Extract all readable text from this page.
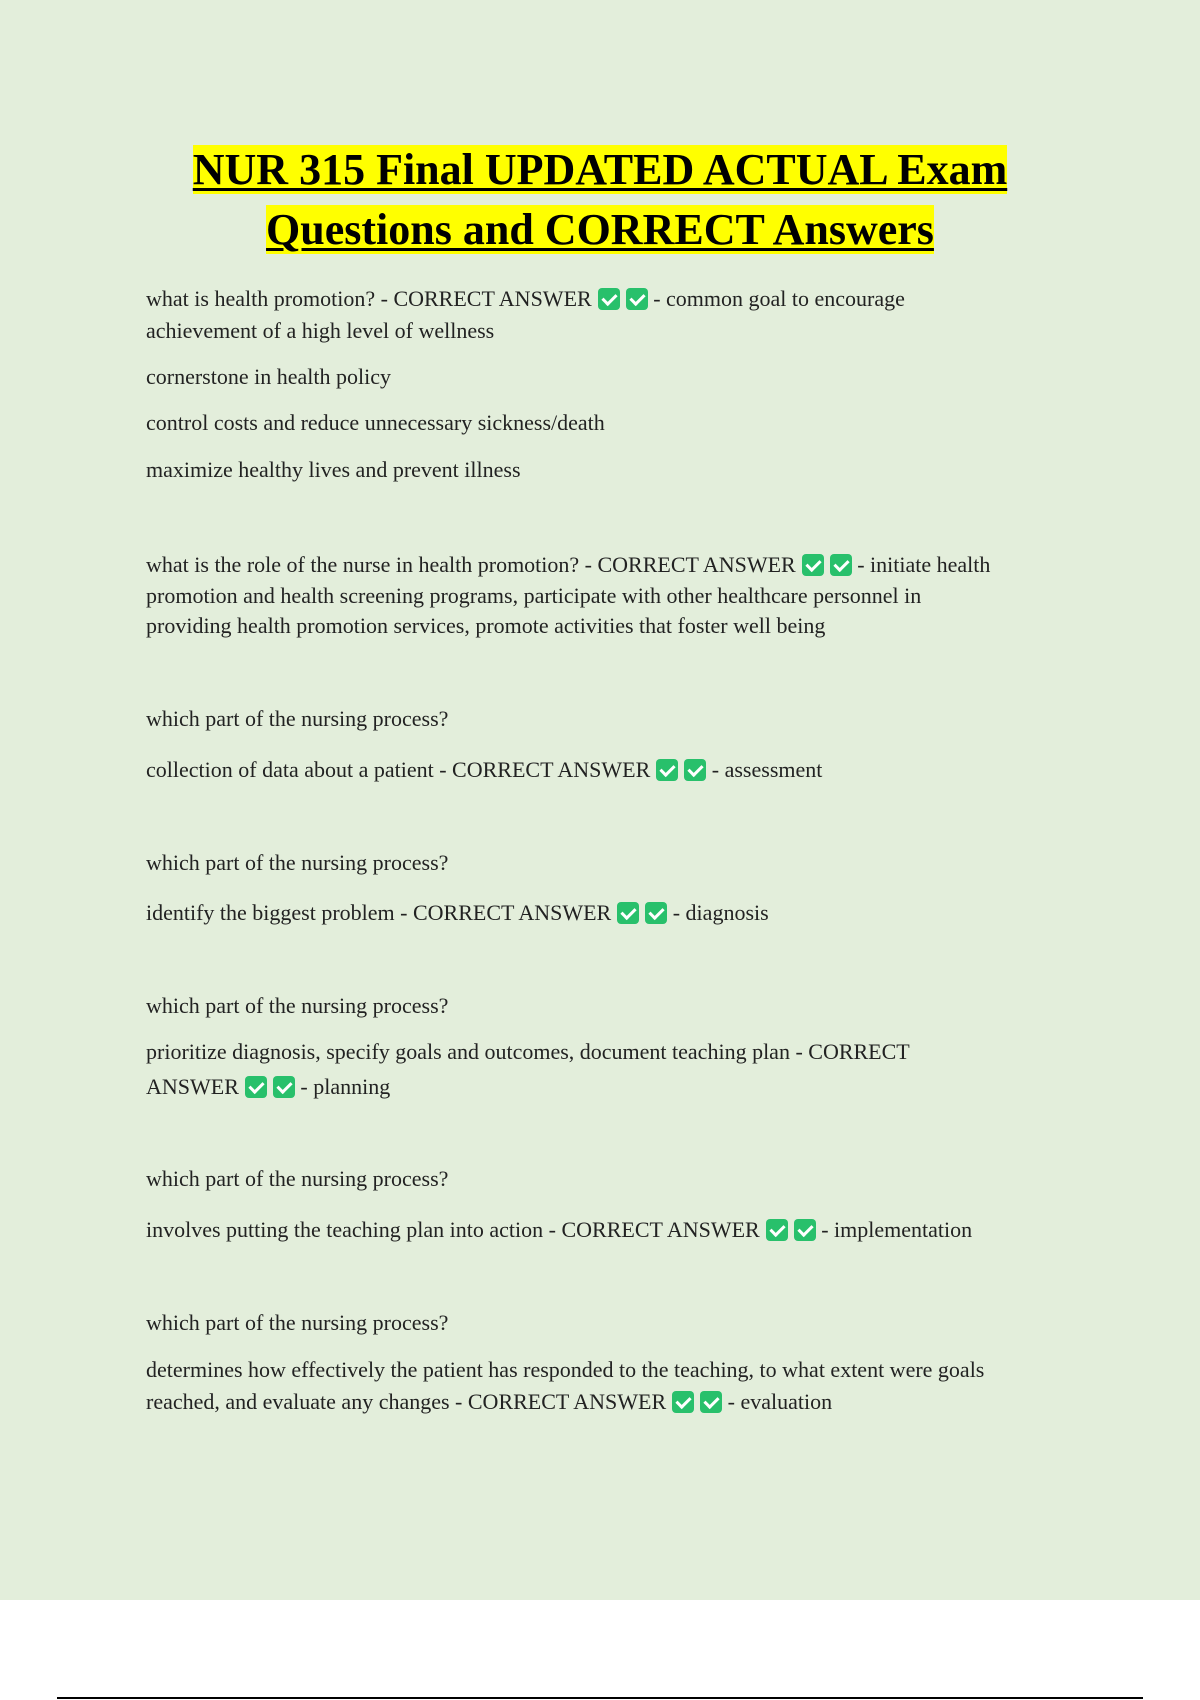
NUR 315 Final UPDATED ACTUAL Exam
Questions and CORRECT Answers
what is health promotion? - CORRECT ANSWER	- common goal to encourage
achievement of a high level of wellness
cornerstone in health policy
control costs and reduce unnecessary sickness/death
maximize healthy lives and prevent illness
what is the role of the nurse in health promotion? - CORRECT ANSWER	- initiate health
promotion and health screening programs, participate with other healthcare personnel in
providing health promotion services, promote activities that foster well being
which part of the nursing process?
collection of data about a patient - CORRECT ANSWER	- assessment
which part of the nursing process?
identify the biggest problem - CORRECT ANSWER	- diagnosis
which part of the nursing process?
prioritize diagnosis, specify goals and outcomes, document teaching plan - CORRECT
ANSWER	- planning
which part of the nursing process?
involves putting the teaching plan into action - CORRECT ANSWER	- implementation
which part of the nursing process?
determines how effectively the patient has responded to the teaching, to what extent were goals
reached, and evaluate any changes - CORRECT ANSWER	- evaluation
